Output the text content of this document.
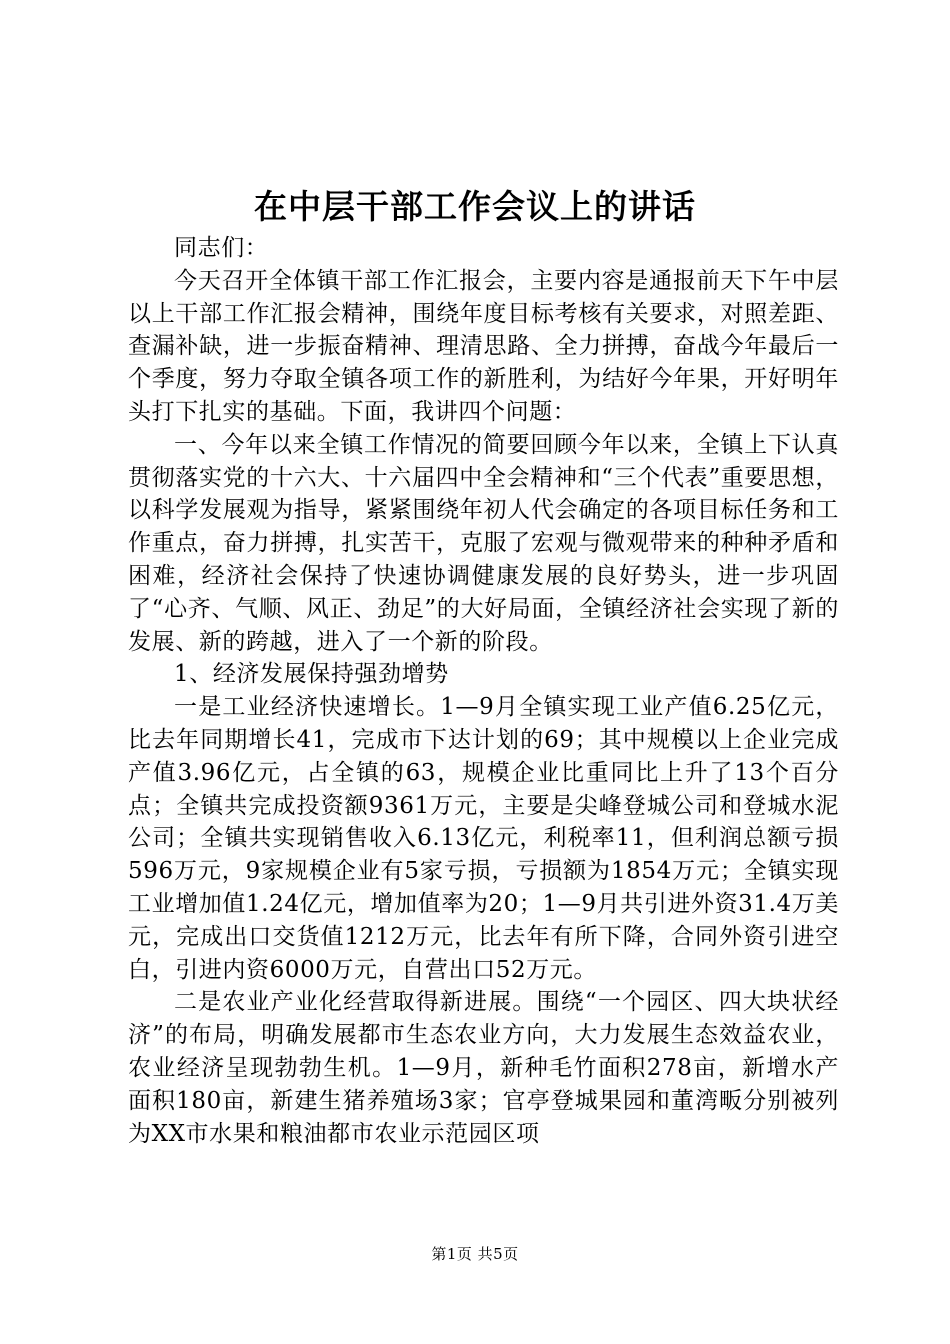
在中层干部工作会议上的讲话

同志们：

今天召开全体镇干部工作汇报会，主要内容是通报前天下午中层以上干部工作汇报会精神，围绕年度目标考核有关要求，对照差距、查漏补缺，进一步振奋精神、理清思路、全力拼搏，奋战今年最后一个季度，努力夺取全镇各项工作的新胜利，为结好今年果，开好明年头打下扎实的基础。下面，我讲四个问题：

一、今年以来全镇工作情况的简要回顾今年以来，全镇上下认真贯彻落实党的十六大、十六届四中全会精神和“三个代表”重要思想，以科学发展观为指导，紧紧围绕年初人代会确定的各项目标任务和工作重点，奋力拼搏，扎实苦干，克服了宏观与微观带来的种种矛盾和困难，经济社会保持了快速协调健康发展的良好势头，进一步巩固了“心齐、气顺、风正、劲足”的大好局面，全镇经济社会实现了新的发展、新的跨越，进入了一个新的阶段。

1、经济发展保持强劲增势

一是工业经济快速增长。1—9月全镇实现工业产值6.25亿元，比去年同期增长41，完成市下达计划的69；其中规模以上企业完成产值3.96亿元，占全镇的63，规模企业比重同比上升了13个百分点；全镇共完成投资额9361万元，主要是尖峰登城公司和登城水泥公司；全镇共实现销售收入6.13亿元，利税率11，但利润总额亏损596万元，9家规模企业有5家亏损，亏损额为1854万元；全镇实现工业增加值1.24亿元，增加值率为20；1—9月共引进外资31.4万美元，完成出口交货值1212万元，比去年有所下降，合同外资引进空白，引进内资6000万元，自营出口52万元。

二是农业产业化经营取得新进展。围绕“一个园区、四大块状经济”的布局，明确发展都市生态农业方向，大力发展生态效益农业，农业经济呈现勃勃生机。1—9月，新种毛竹面积278亩，新增水产面积180亩，新建生猪养殖场3家；官亭登城果园和董湾畈分别被列为XX市水果和粮油都市农业示范园区项

第1页 共5页
